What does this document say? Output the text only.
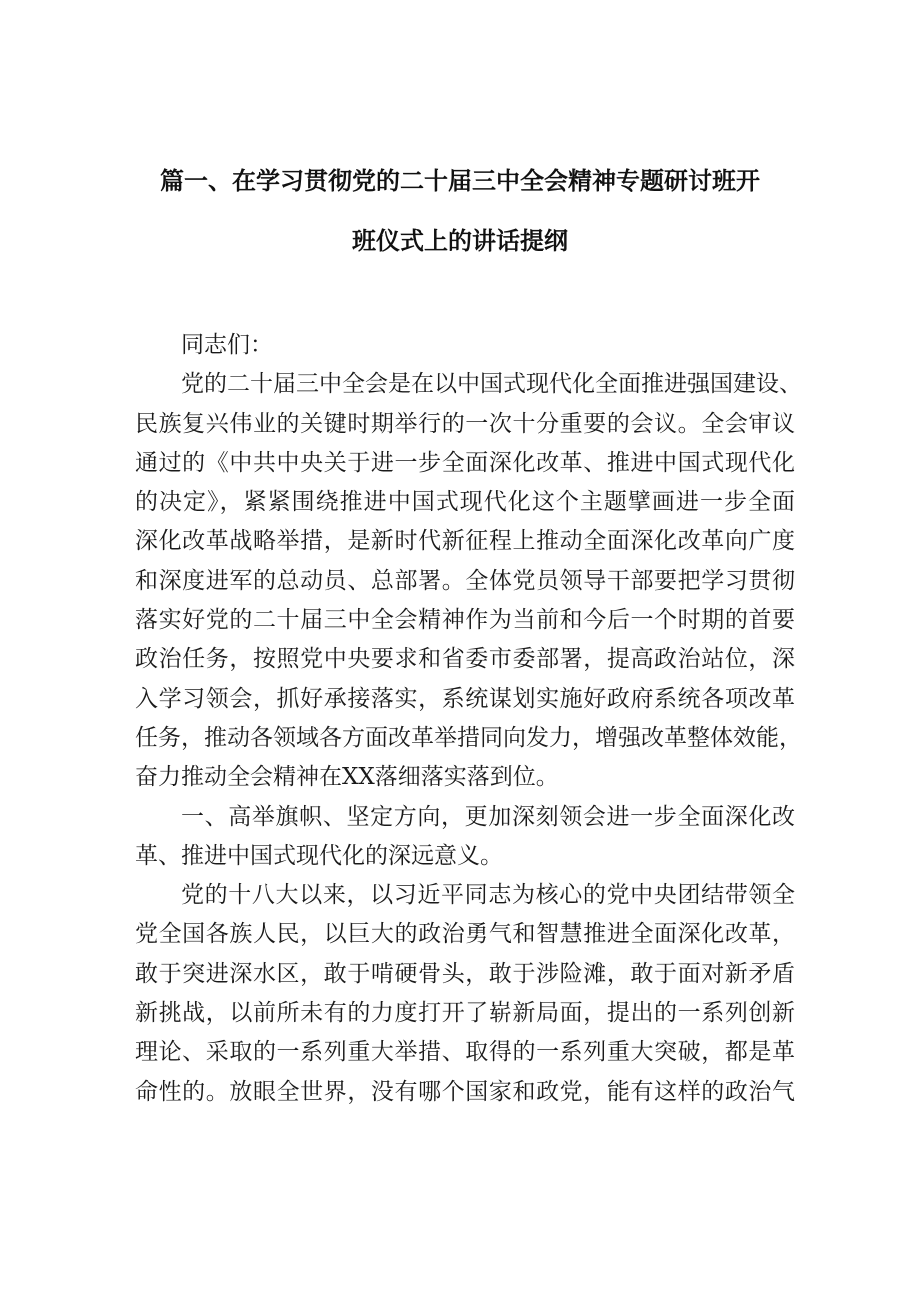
篇一、在学习贯彻党的二十届三中全会精神专题研讨班开
班仪式上的讲话提纲
同志们：
党的二十届三中全会是在以中国式现代化全面推进强国建设、
民族复兴伟业的关键时期举行的一次十分重要的会议。全会审议
通过的《中共中央关于进一步全面深化改革、推进中国式现代化
的决定》，紧紧围绕推进中国式现代化这个主题擘画进一步全面
深化改革战略举措，是新时代新征程上推动全面深化改革向广度
和深度进军的总动员、总部署。全体党员领导干部要把学习贯彻
落实好党的二十届三中全会精神作为当前和今后一个时期的首要
政治任务，按照党中央要求和省委市委部署，提高政治站位，深
入学习领会，抓好承接落实，系统谋划实施好政府系统各项改革
任务，推动各领域各方面改革举措同向发力，增强改革整体效能，
奋力推动全会精神在XX落细落实落到位。
一、高举旗帜、坚定方向，更加深刻领会进一步全面深化改
革、推进中国式现代化的深远意义。
党的十八大以来，以习近平同志为核心的党中央团结带领全
党全国各族人民，以巨大的政治勇气和智慧推进全面深化改革，
敢于突进深水区，敢于啃硬骨头，敢于涉险滩，敢于面对新矛盾
新挑战，以前所未有的力度打开了崭新局面，提出的一系列创新
理论、采取的一系列重大举措、取得的一系列重大突破，都是革
命性的。放眼全世界，没有哪个国家和政党，能有这样的政治气
